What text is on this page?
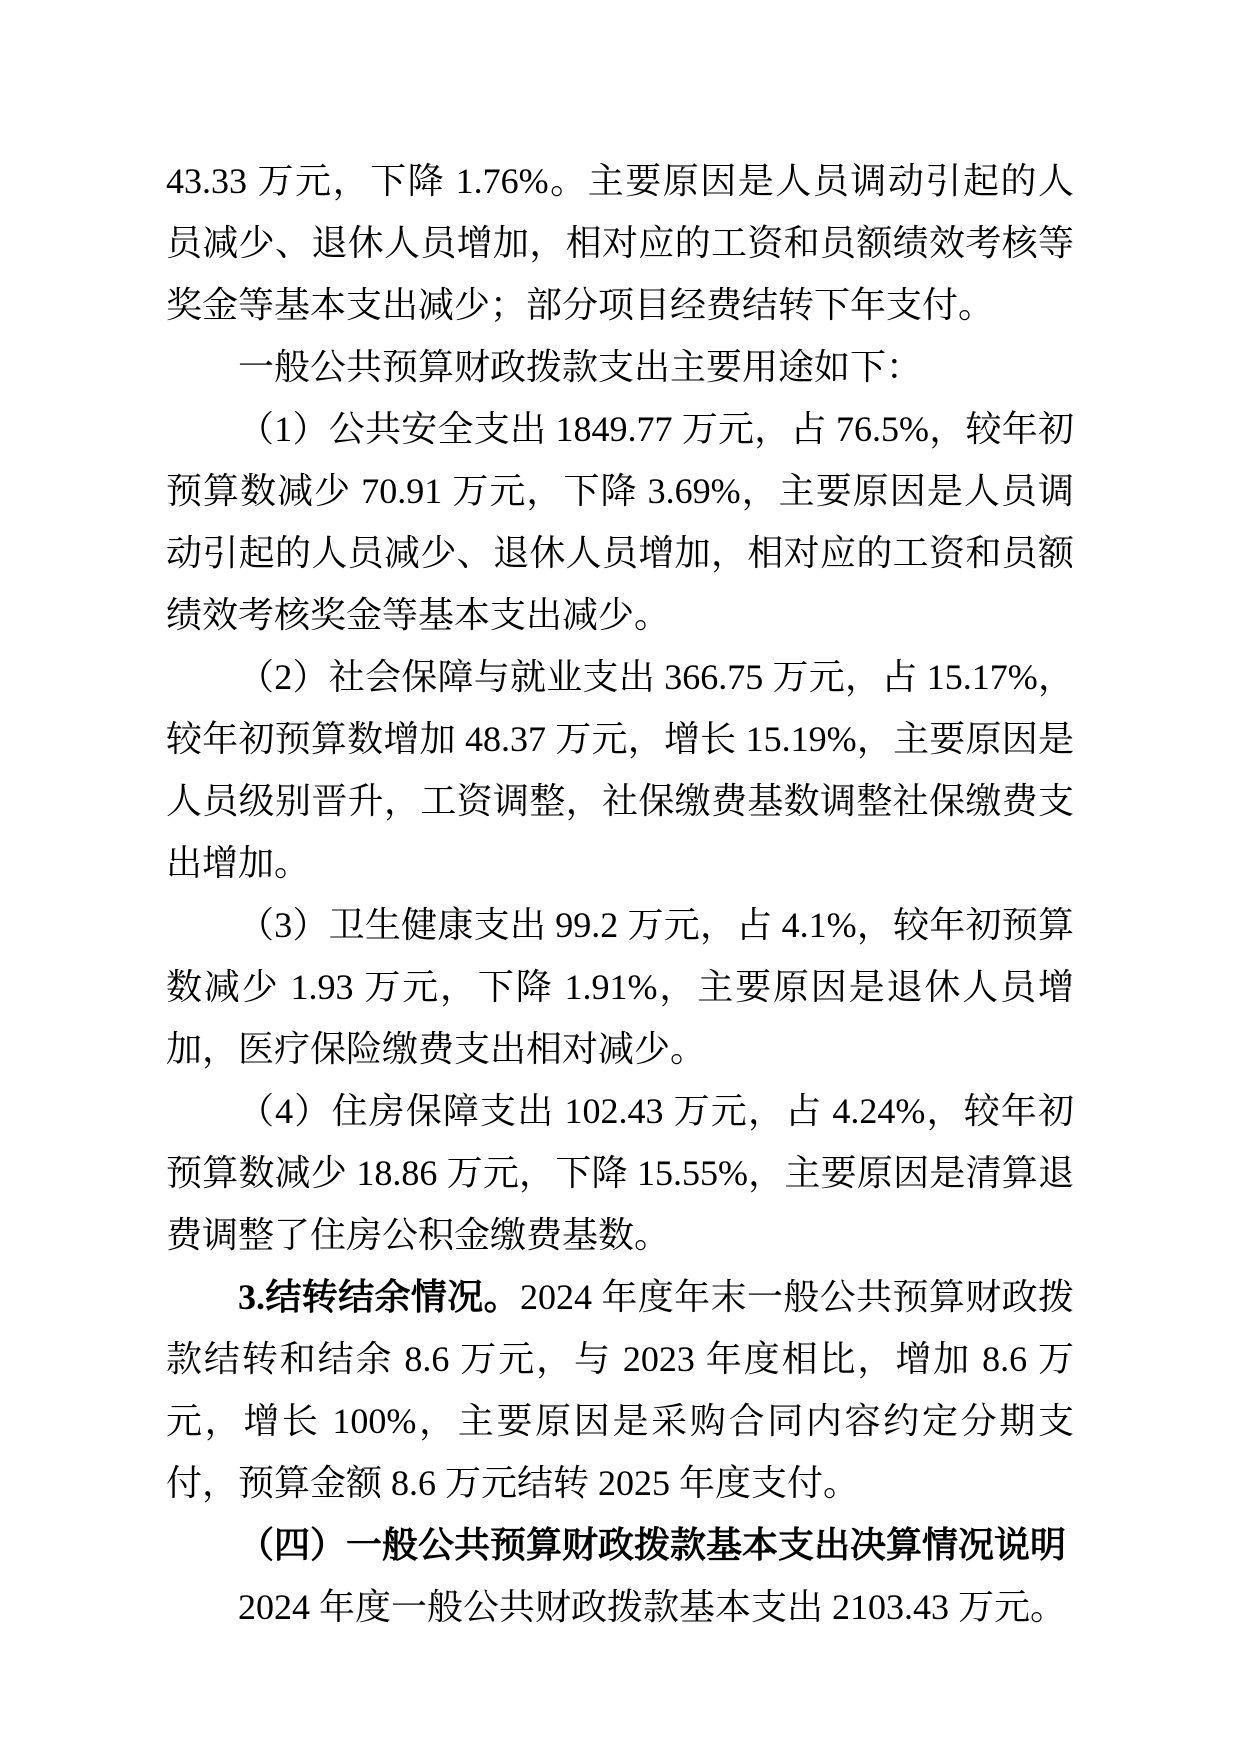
43.33 万元，下降 1.76%。主要原因是人员调动引起的人员减少、退休人员增加，相对应的工资和员额绩效考核等奖金等基本支出减少；部分项目经费结转下年支付。

一般公共预算财政拨款支出主要用途如下：

（1）公共安全支出 1849.77 万元，占 76.5%，较年初预算数减少 70.91 万元，下降 3.69%，主要原因是人员调动引起的人员减少、退休人员增加，相对应的工资和员额绩效考核奖金等基本支出减少。

（2）社会保障与就业支出 366.75 万元，占 15.17%，较年初预算数增加 48.37 万元，增长 15.19%，主要原因是人员级别晋升，工资调整，社保缴费基数调整社保缴费支出增加。

（3）卫生健康支出 99.2 万元，占 4.1%，较年初预算数减少 1.93 万元，下降 1.91%，主要原因是退休人员增加，医疗保险缴费支出相对减少。

（4）住房保障支出 102.43 万元，占 4.24%，较年初预算数减少 18.86 万元，下降 15.55%，主要原因是清算退费调整了住房公积金缴费基数。

3.结转结余情况。2024 年度年末一般公共预算财政拨款结转和结余 8.6 万元，与 2023 年度相比，增加 8.6 万元，增长 100%，主要原因是采购合同内容约定分期支付，预算金额 8.6 万元结转 2025 年度支付。

（四）一般公共预算财政拨款基本支出决算情况说明

2024 年度一般公共财政拨款基本支出 2103.43 万元。
